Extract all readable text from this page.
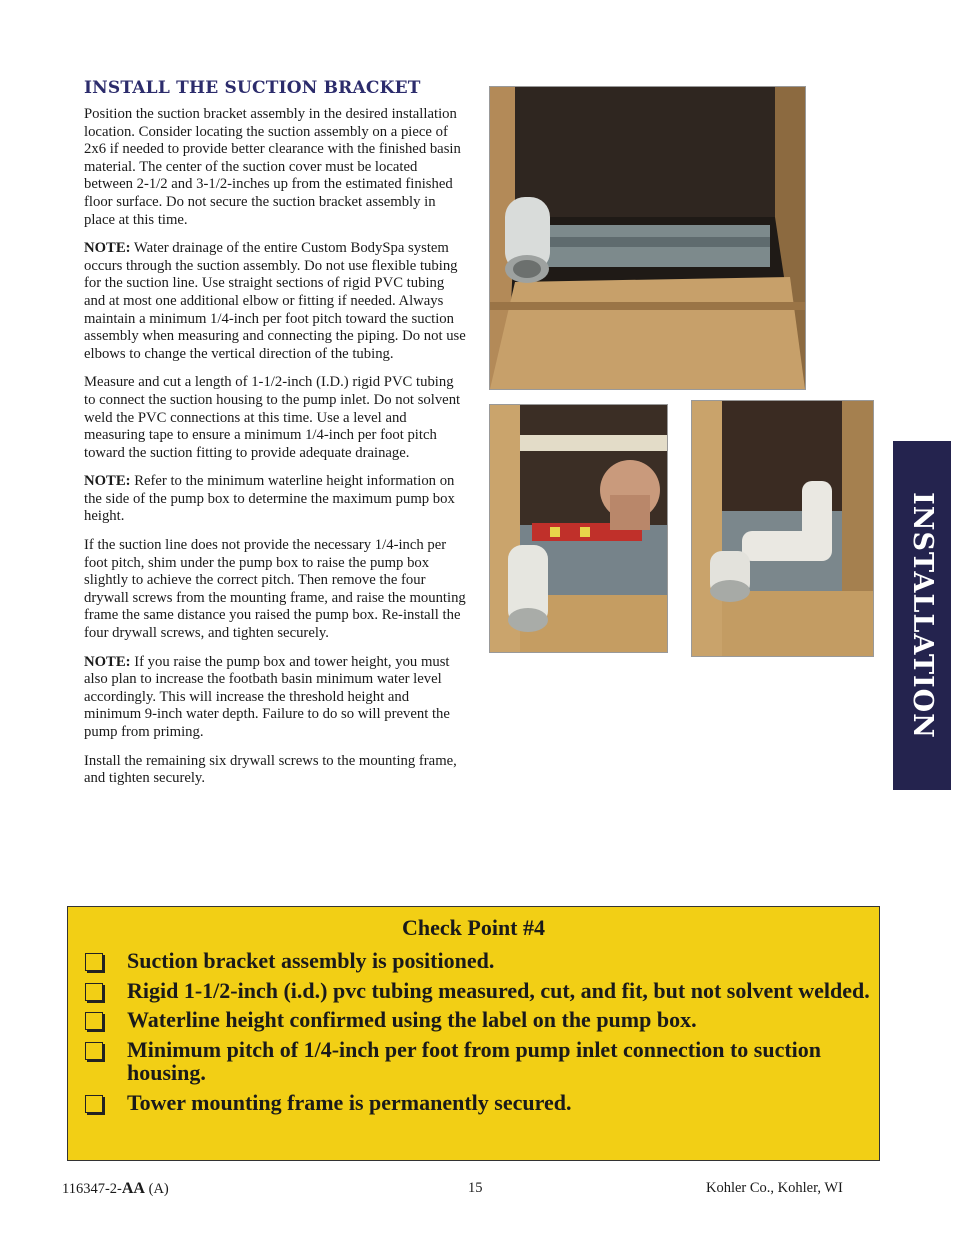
INSTALL THE SUCTION BRACKET

Position the suction bracket assembly in the desired installation location. Consider locating the suction assembly on a piece of 2x6 if needed to provide better clearance with the finished basin material. The center of the suction cover must be located between 2-1/2 and 3-1/2-inches up from the estimated finished floor surface. Do not secure the suction bracket assembly in place at this time.

NOTE: Water drainage of the entire Custom BodySpa system occurs through the suction assembly. Do not use flexible tubing for the suction line. Use straight sections of rigid PVC tubing and at most one additional elbow or fitting if needed. Always maintain a minimum 1/4-inch per foot pitch toward the suction assembly when measuring and connecting the piping. Do not use elbows to change the vertical direction of the tubing.

Measure and cut a length of 1-1/2-inch (I.D.) rigid PVC tubing to connect the suction housing to the pump inlet. Do not solvent weld the PVC connections at this time. Use a level and measuring tape to ensure a minimum 1/4-inch per foot pitch toward the suction fitting to provide adequate drainage.

NOTE: Refer to the minimum waterline height information on the side of the pump box to determine the maximum pump box height.

If the suction line does not provide the necessary 1/4-inch per foot pitch, shim under the pump box to raise the pump box slightly to achieve the correct pitch. Then remove the four drywall screws from the mounting frame, and raise the mounting frame the same distance you raised the pump box. Re-install the four drywall screws, and tighten securely.

NOTE: If you raise the pump box and tower height, you must also plan to increase the footbath basin minimum water level accordingly. This will increase the threshold height and minimum 9-inch water depth. Failure to do so will prevent the pump from priming.

Install the remaining six drywall screws to the mounting frame, and tighten securely.

INSTALLATION
Check Point #4
Suction bracket assembly is positioned.
Rigid 1-1/2-inch (i.d.) pvc tubing measured, cut, and fit, but not solvent welded.
Waterline height confirmed using the label on the pump box.
Minimum pitch of 1/4-inch per foot from pump inlet connection to suction housing.
Tower mounting frame is permanently secured.
116347-2-AA (A)	15	Kohler Co., Kohler, WI
